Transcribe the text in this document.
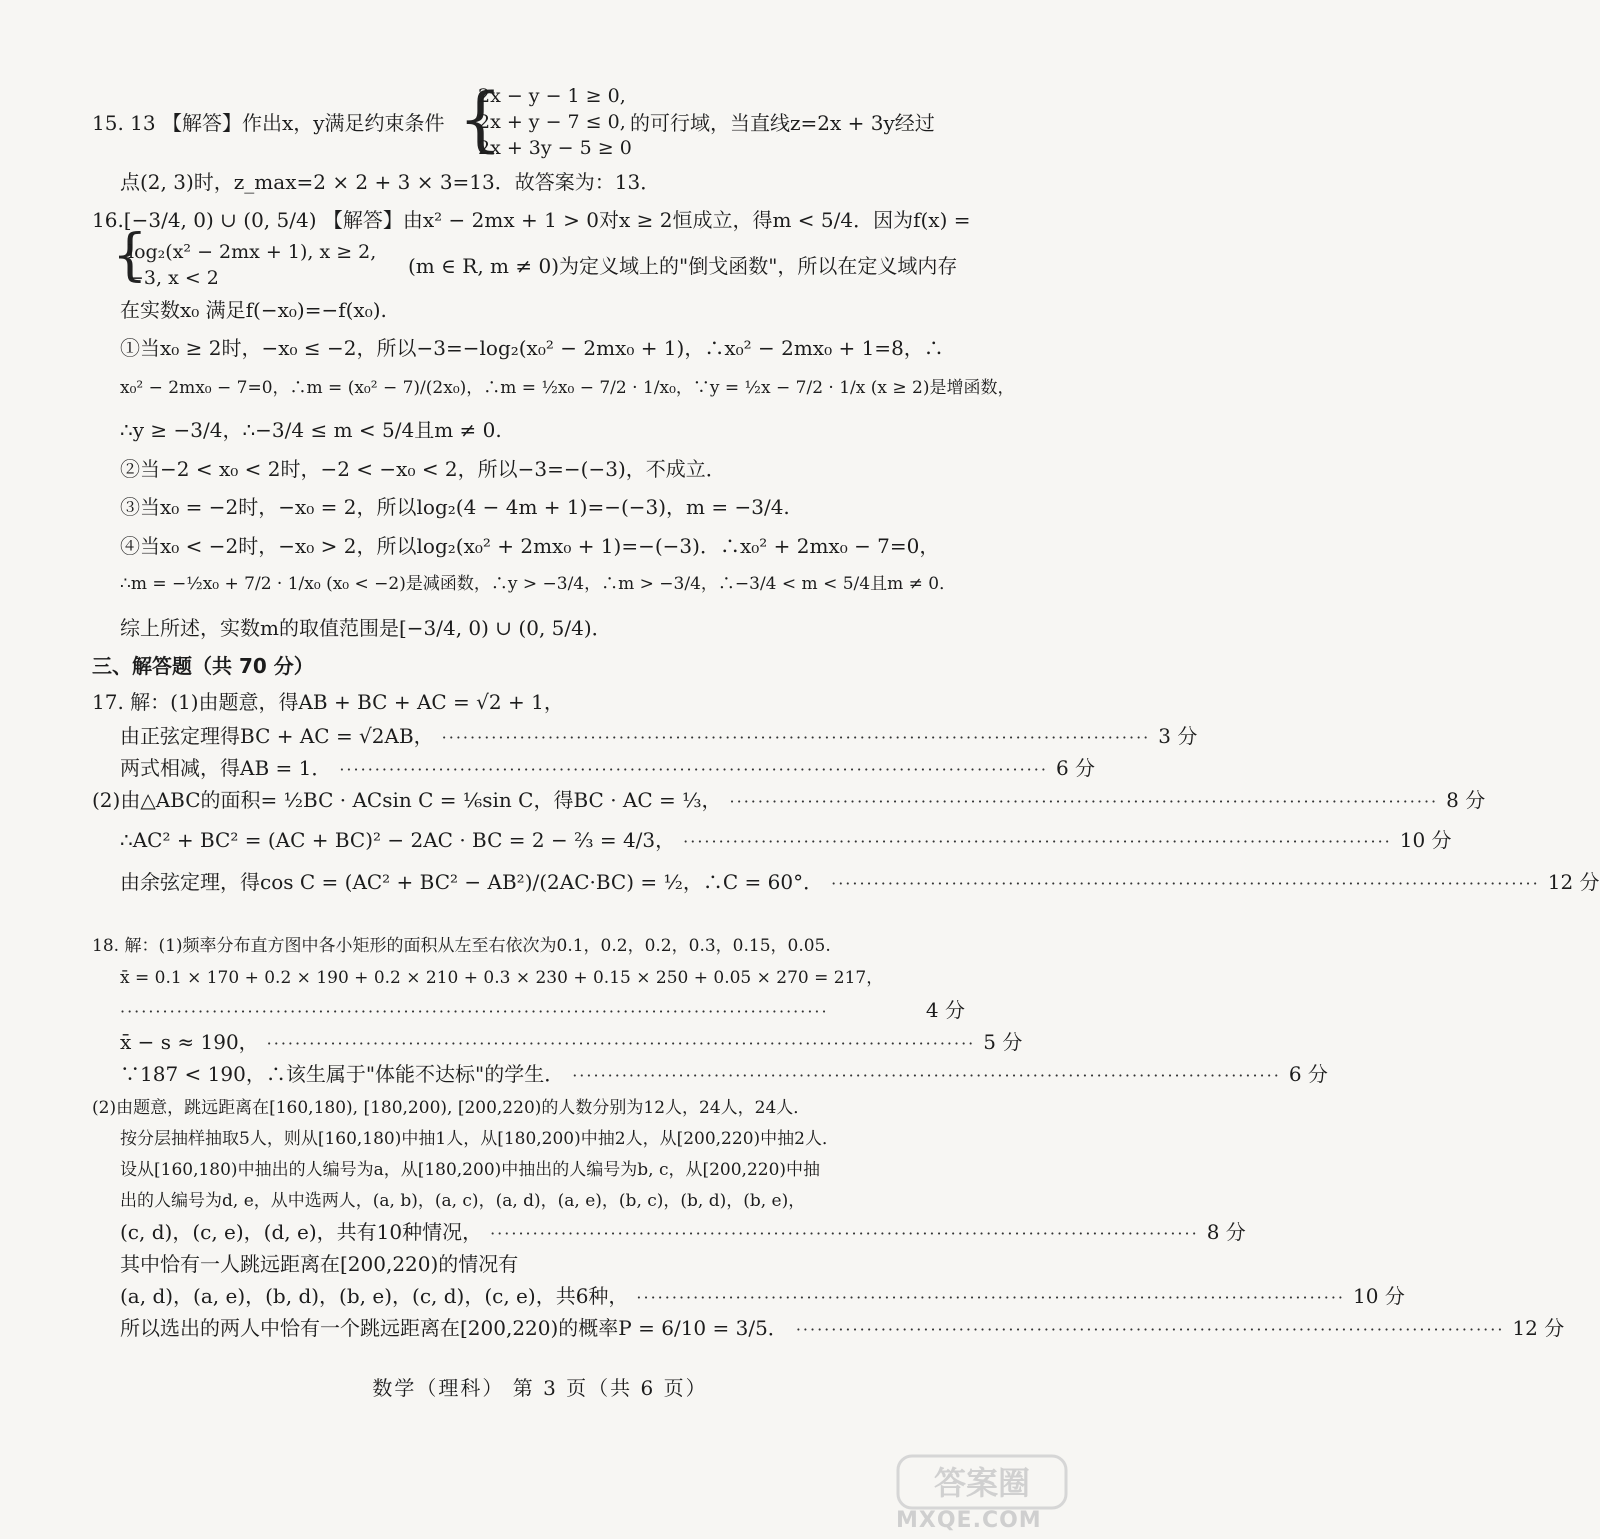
15. 13 【解答】作出x，y满足约束条件 {
2x − y − 1 ≥ 0,
2x + y − 7 ≤ 0,
2x + 3y − 5 ≥ 0
的可行域，当直线z=2x + 3y经过
点(2, 3)时，z_max=2 × 2 + 3 × 3=13．故答案为：13．
16.[−3/4, 0) ∪ (0, 5/4) 【解答】由x² − 2mx + 1 > 0对x ≥ 2恒成立，得m < 5/4．因为f(x) =
{
log₂(x² − 2mx + 1), x ≥ 2,
−3, x < 2	(m ∈ R, m ≠ 0)为定义域上的"倒戈函数"，所以在定义域内存
在实数x₀ 满足f(−x₀)=−f(x₀).
①当x₀ ≥ 2时，−x₀ ≤ −2，所以−3=−log₂(x₀² − 2mx₀ + 1)，∴x₀² − 2mx₀ + 1=8，∴
x₀² − 2mx₀ − 7=0，∴m = (x₀² − 7)/(2x₀)，∴m = ½x₀ − 7/2 · 1/x₀，∵y = ½x − 7/2 · 1/x (x ≥ 2)是增函数，
∴y ≥ −3/4，∴−3/4 ≤ m < 5/4且m ≠ 0.
②当−2 < x₀ < 2时，−2 < −x₀ < 2，所以−3=−(−3)，不成立．
③当x₀ = −2时，−x₀ = 2，所以log₂(4 − 4m + 1)=−(−3)，m = −3/4.
④当x₀ < −2时，−x₀ > 2，所以log₂(x₀² + 2mx₀ + 1)=−(−3)．∴x₀² + 2mx₀ − 7=0，
∴m = −½x₀ + 7/2 · 1/x₀ (x₀ < −2)是减函数，∴y > −3/4，∴m > −3/4，∴−3/4 < m < 5/4且m ≠ 0．
综上所述，实数m的取值范围是[−3/4, 0) ∪ (0, 5/4)．
三、解答题（共 70 分）
17. 解：(1)由题意，得AB + BC + AC = √2 + 1，
由正弦定理得BC + AC = √2AB， ···································································································· 3 分
两式相减，得AB = 1． ···································································································· 6 分
(2)由△ABC的面积= ½BC · ACsin C = ⅙sin C，得BC · AC = ⅓， ···································································································· 8 分
∴AC² + BC² = (AC + BC)² − 2AC · BC = 2 − ⅔ = 4/3， ···································································································· 10 分
由余弦定理，得cos C = (AC² + BC² − AB²)/(2AC·BC) = ½，∴C = 60°． ···································································································· 12 分
18. 解：(1)频率分布直方图中各小矩形的面积从左至右依次为0.1，0.2，0.2，0.3，0.15，0.05.
x̄ = 0.1 × 170 + 0.2 × 190 + 0.2 × 210 + 0.3 × 230 + 0.15 × 250 + 0.05 × 270 = 217，
····································································································	4 分
x̄ − s ≈ 190， ···································································································· 5 分
∵187 < 190，∴该生属于"体能不达标"的学生． ···································································································· 6 分
(2)由题意，跳远距离在[160,180), [180,200), [200,220)的人数分别为12人，24人，24人．
按分层抽样抽取5人，则从[160,180)中抽1人，从[180,200)中抽2人，从[200,220)中抽2人．
设从[160,180)中抽出的人编号为a，从[180,200)中抽出的人编号为b, c，从[200,220)中抽
出的人编号为d, e，从中选两人，(a, b)，(a, c)，(a, d)，(a, e)，(b, c)，(b, d)，(b, e)，
(c, d)，(c, e)，(d, e)，共有10种情况， ···································································································· 8 分
其中恰有一人跳远距离在[200,220)的情况有
(a, d)，(a, e)，(b, d)，(b, e)，(c, d)，(c, e)，共6种， ···································································································· 10 分
所以选出的两人中恰有一个跳远距离在[200,220)的概率P = 6/10 = 3/5． ···································································································· 12 分
数学（理科） 第 3 页（共 6 页）
答案圈
MXQE.COM
